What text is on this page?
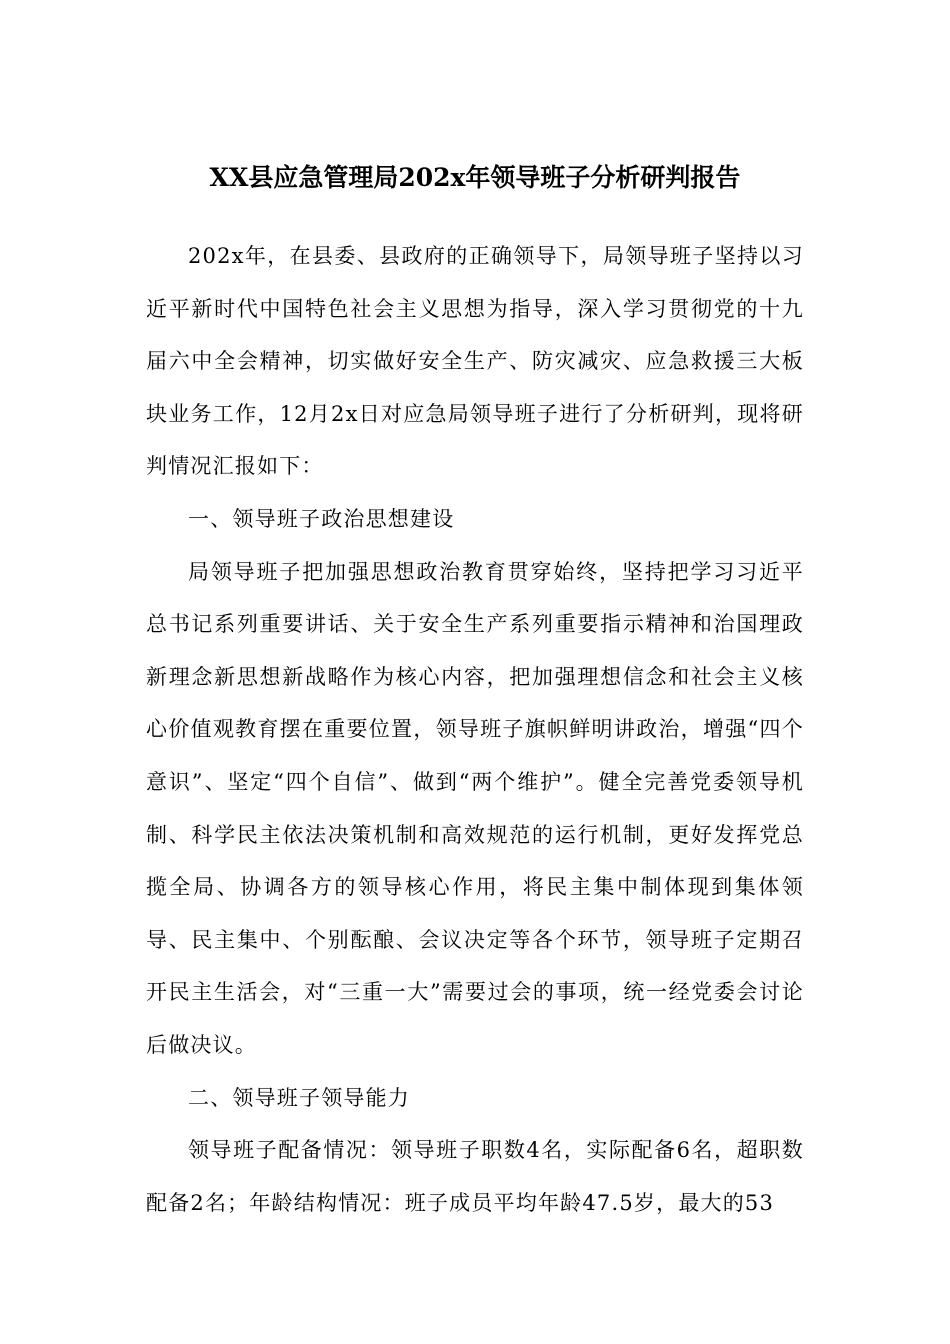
XX县应急管理局202x年领导班子分析研判报告

202x年，在县委、县政府的正确领导下，局领导班子坚持以习近平新时代中国特色社会主义思想为指导，深入学习贯彻党的十九届六中全会精神，切实做好安全生产、防灾减灾、应急救援三大板块业务工作，12月2x日对应急局领导班子进行了分析研判，现将研判情况汇报如下：

一、领导班子政治思想建设

局领导班子把加强思想政治教育贯穿始终，坚持把学习习近平总书记系列重要讲话、关于安全生产系列重要指示精神和治国理政新理念新思想新战略作为核心内容，把加强理想信念和社会主义核心价值观教育摆在重要位置，领导班子旗帜鲜明讲政治，增强“四个意识”、坚定“四个自信”、做到“两个维护”。健全完善党委领导机制、科学民主依法决策机制和高效规范的运行机制，更好发挥党总揽全局、协调各方的领导核心作用，将民主集中制体现到集体领导、民主集中、个别酝酿、会议决定等各个环节，领导班子定期召开民主生活会，对“三重一大”需要过会的事项，统一经党委会讨论后做决议。

二、领导班子领导能力

领导班子配备情况：领导班子职数4名，实际配备6名，超职数配备2名；年龄结构情况：班子成员平均年龄47.5岁，最大的53
